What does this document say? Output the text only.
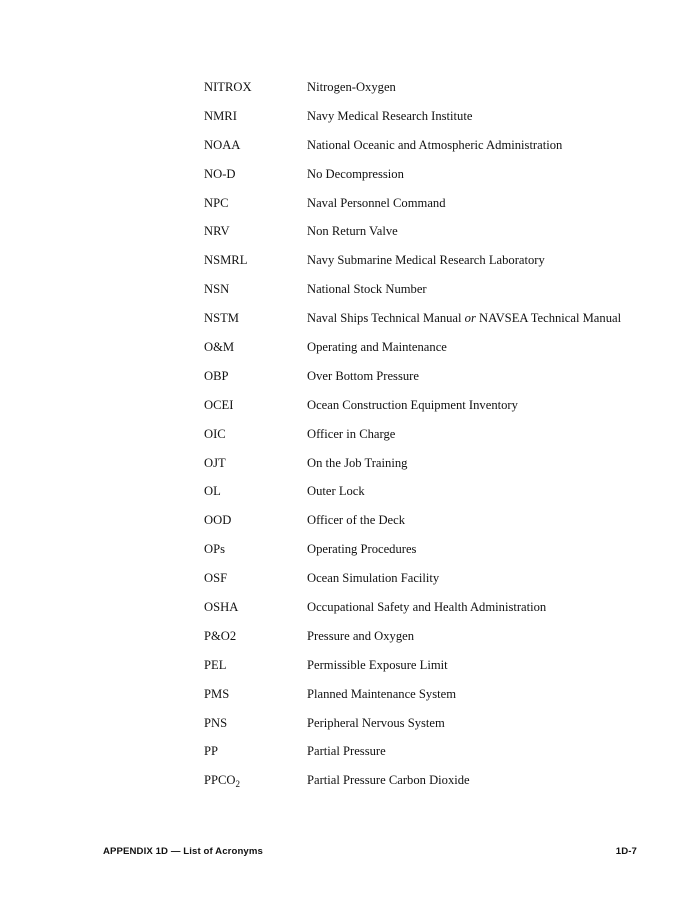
NITROX	Nitrogen-Oxygen
NMRI	Navy Medical Research Institute
NOAA	National Oceanic and Atmospheric Administration
NO-D	No Decompression
NPC	Naval Personnel Command
NRV	Non Return Valve
NSMRL	Navy Submarine Medical Research Laboratory
NSN	National Stock Number
NSTM	Naval Ships Technical Manual or NAVSEA Technical Manual
O&M	Operating and Maintenance
OBP	Over Bottom Pressure
OCEI	Ocean Construction Equipment Inventory
OIC	Officer in Charge
OJT	On the Job Training
OL	Outer Lock
OOD	Officer of the Deck
OPs	Operating Procedures
OSF	Ocean Simulation Facility
OSHA	Occupational Safety and Health Administration
P&O2	Pressure and Oxygen
PEL	Permissible Exposure Limit
PMS	Planned Maintenance System
PNS	Peripheral Nervous System
PP	Partial Pressure
$PPCO_2$	Partial Pressure Carbon Dioxide
APPENDIX 1D — List of Acronyms	1D-7
